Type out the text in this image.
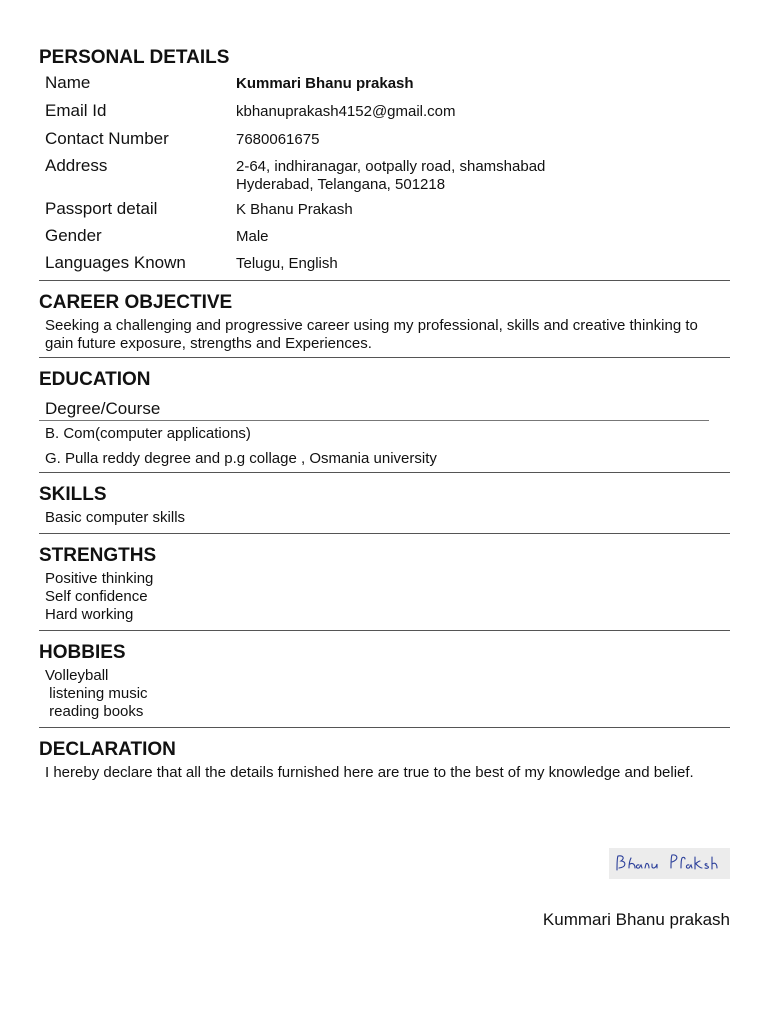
PERSONAL DETAILS
Name	Kummari Bhanu prakash
Email Id	kbhanuprakash4152@gmail.com
Contact Number	7680061675
Address	2-64, indhiranagar, ootpally road, shamshabad
Hyderabad, Telangana, 501218
Passport detail	K Bhanu Prakash
Gender	Male
Languages Known	Telugu, English
CAREER OBJECTIVE
Seeking a challenging and progressive career using my professional, skills and creative thinking to gain future exposure, strengths and Experiences.
EDUCATION
Degree/Course
B. Com(computer applications)
G. Pulla reddy degree and p.g collage , Osmania university
SKILLS
Basic computer skills
STRENGTHS
Positive thinking
Self confidence
Hard working
HOBBIES
Volleyball
listening music
reading books
DECLARATION
I hereby declare that all the details furnished here are true to the best of my knowledge and belief.
Kummari Bhanu prakash
